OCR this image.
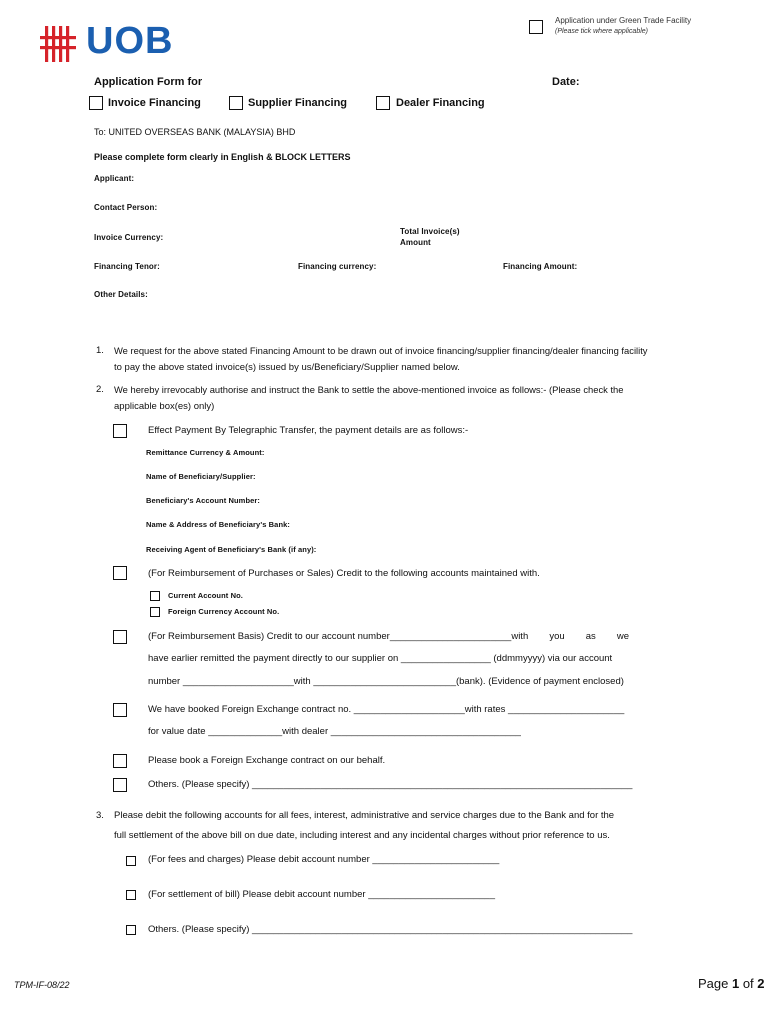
UOB	Application under Green Trade Facility
(Please tick where applicable)
Application Form for	Date:
Invoice Financing	Supplier Financing	Dealer Financing
To: UNITED OVERSEAS BANK (MALAYSIA) BHD
Please complete form clearly in English & BLOCK LETTERS
Applicant:
Contact Person:
Invoice Currency:
Total Invoice(s)
Amount
Financing Tenor:	Financing currency:	Financing Amount:
Other Details:
1. We request for the above stated Financing Amount to be drawn out of invoice financing/supplier financing/dealer financing facility
to pay the above stated invoice(s) issued by us/Beneficiary/Supplier named below.
2. We hereby irrevocably authorise and instruct the Bank to settle the above-mentioned invoice as follows:- (Please check the
applicable box(es) only)
Effect Payment By Telegraphic Transfer, the payment details are as follows:-
Remittance Currency & Amount:
Name of Beneficiary/Supplier:
Beneficiary's Account Number:
Name & Address of Beneficiary's Bank:
Receiving Agent of Beneficiary's Bank (if any):
(For Reimbursement of Purchases or Sales) Credit to the following accounts maintained with.
Current Account No.
Foreign Currency Account No.
(For Reimbursement Basis) Credit to our account number_______________________with        you        as        we
have earlier remitted the payment directly to our supplier on _________________ (ddmmyyyy) via our account
number _____________________with ___________________________(bank). (Evidence of payment enclosed)
We have booked Foreign Exchange contract no. _____________________with rates ______________________
for value date ______________with dealer ____________________________________
Please book a Foreign Exchange contract on our behalf.
Others. (Please specify) ________________________________________________________________________
3. Please debit the following accounts for all fees, interest, administrative and service charges due to the Bank and for the
full settlement of the above bill on due date, including interest and any incidental charges without prior reference to us.
(For fees and charges) Please debit account number ________________________
(For settlement of bill) Please debit account number ________________________
Others. (Please specify) ________________________________________________________________________
TPM-IF-08/22	Page 1 of 2
